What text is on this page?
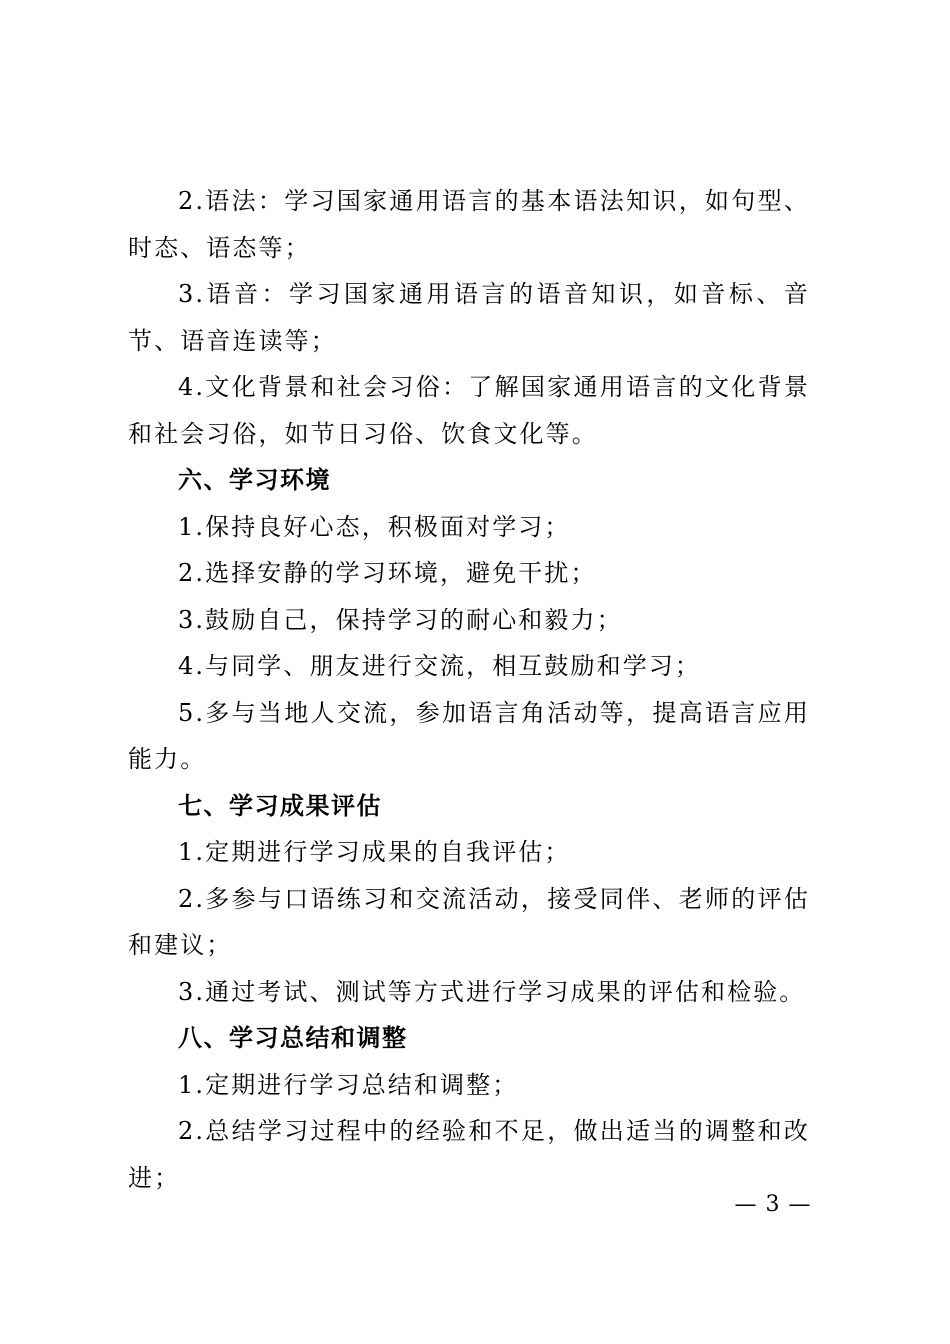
2.语法：学习国家通用语言的基本语法知识，如句型、时态、语态等；

3.语音：学习国家通用语言的语音知识，如音标、音节、语音连读等；

4.文化背景和社会习俗：了解国家通用语言的文化背景和社会习俗，如节日习俗、饮食文化等。

六、学习环境

1.保持良好心态，积极面对学习；

2.选择安静的学习环境，避免干扰；

3.鼓励自己，保持学习的耐心和毅力；

4.与同学、朋友进行交流，相互鼓励和学习；

5.多与当地人交流，参加语言角活动等，提高语言应用能力。

七、学习成果评估

1.定期进行学习成果的自我评估；

2.多参与口语练习和交流活动，接受同伴、老师的评估和建议；

3.通过考试、测试等方式进行学习成果的评估和检验。

八、学习总结和调整

1.定期进行学习总结和调整；

2.总结学习过程中的经验和不足，做出适当的调整和改进；

— 3 —
